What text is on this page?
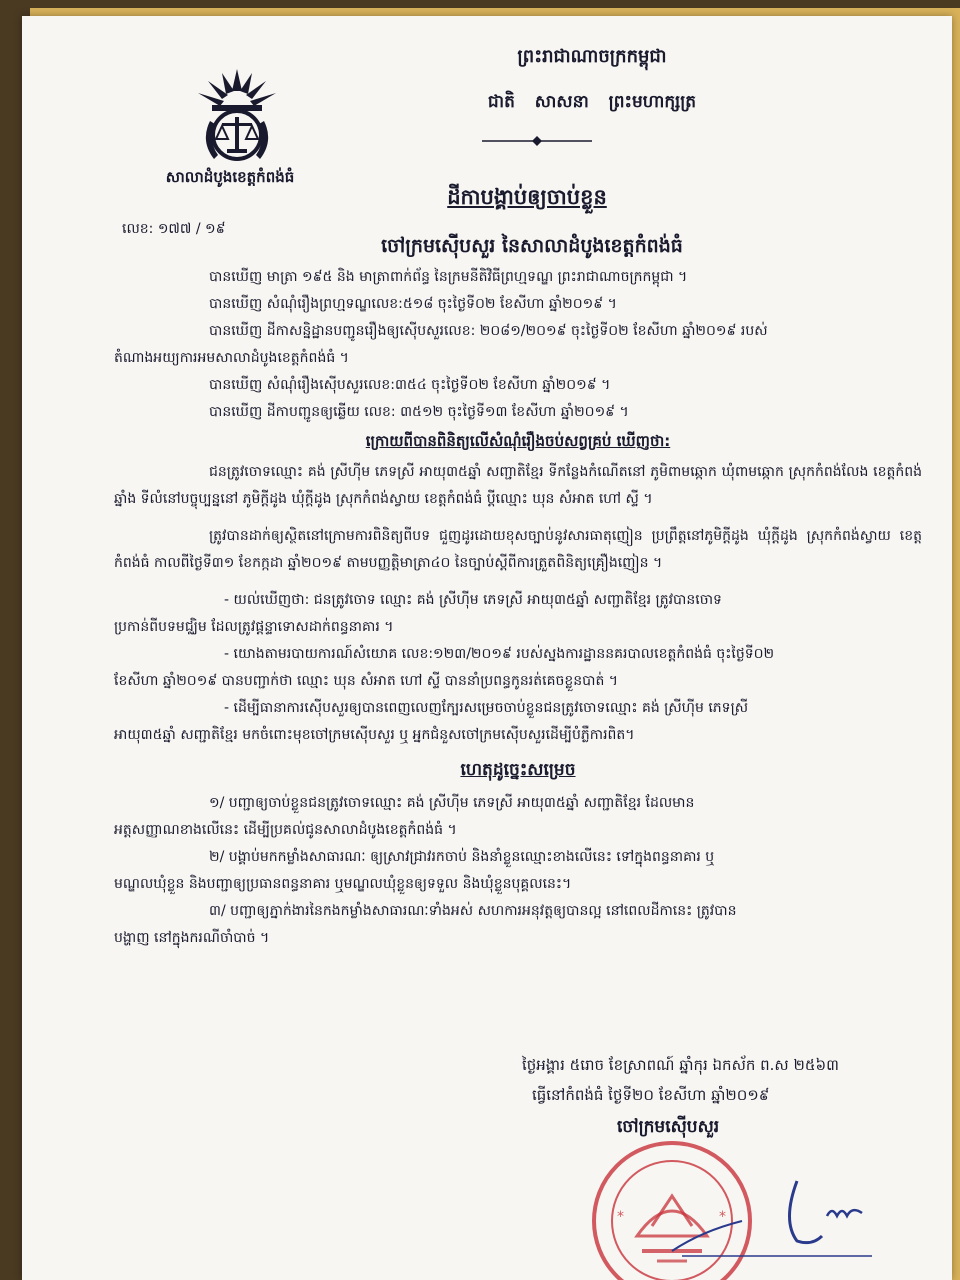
សាលាដំបូងខេត្តកំពង់ធំ
ព្រះរាជាណាចក្រកម្ពុជា
ជាតិ សាសនា ព្រះមហាក្សត្រ
ដីកាបង្គាប់ឲ្យចាប់ខ្លួន
លេខ: ១៧៧ / ១៩
ចៅក្រមស៊ើបសួរ នៃសាលាដំបូងខេត្តកំពង់ធំ

បានឃើញ មាត្រា ១៩៥ និង មាត្រាពាក់ព័ន្ធ នៃក្រមនីតិវិធីព្រហ្មទណ្ឌ ព្រះរាជាណាចក្រកម្ពុជា ។

បានឃើញ សំណុំរឿងព្រហ្មទណ្ឌលេខ:៥១៨ ចុះថ្ងៃទី០២ ខែសីហា ឆ្នាំ២០១៩ ។

បានឃើញ ដីកាសន្និដ្ឋានបញ្ជូនរឿងឲ្យស៊ើបសួរលេខ: ២០៨១/២០១៩ ចុះថ្ងៃទី០២ ខែសីហា ឆ្នាំ២០១៩ របស់

តំណាងអយ្យការអមសាលាដំបូងខេត្តកំពង់ធំ ។

បានឃើញ សំណុំរឿងស៊ើបសួរលេខ:៣៥៤ ចុះថ្ងៃទី០២ ខែសីហា ឆ្នាំ២០១៩ ។

បានឃើញ ដីកាបញ្ជូនឲ្យឆ្លើយ លេខ: ៣៥១២ ចុះថ្ងៃទី១៣ ខែសីហា ឆ្នាំ២០១៩ ។

ក្រោយពីបានពិនិត្យលើសំណុំរឿងចប់សព្វគ្រប់ ឃើញថា:

ជនត្រូវចោទឈ្មោះ គង់ ស្រីហ៊ីម ភេទស្រី អាយុ៣៥ឆ្នាំ សញ្ជាតិខ្មែរ ទីកន្លែងកំណើតនៅ ភូមិពាមឆ្កោក ឃុំពាមឆ្កោក ស្រុកកំពង់លែង ខេត្តកំពង់ឆ្នាំង ទីលំនៅបច្ចុប្បន្ននៅ ភូមិក្ដីដូង ឃុំក្ដីដូង ស្រុកកំពង់ស្វាយ ខេត្តកំពង់ធំ ប្ដីឈ្មោះ ឃុន សំអាត ហៅ ស្ទី ។

ត្រូវបានដាក់ឲ្យស្ថិតនៅក្រោមការពិនិត្យពីបទ ជួញដូរដោយខុសច្បាប់នូវសារធាតុញៀន ប្រព្រឹត្តនៅភូមិក្ដីដូង ឃុំក្ដីដូង ស្រុកកំពង់ស្វាយ ខេត្តកំពង់ធំ កាលពីថ្ងៃទី៣១ ខែកក្កដា ឆ្នាំ២០១៩ តាមបញ្ញត្តិមាត្រា៤០ នៃច្បាប់ស្ដីពីការត្រួតពិនិត្យគ្រឿងញៀន ។

- យល់ឃើញថា: ជនត្រូវចោទ ឈ្មោះ គង់ ស្រីហ៊ីម ភេទស្រី អាយុ៣៥ឆ្នាំ សញ្ជាតិខ្មែរ ត្រូវបានចោទ

ប្រកាន់ពីបទមជ្ឈិម ដែលត្រូវផ្ដន្ទាទោសដាក់ពន្ធនាគារ ។

- យោងតាមរបាយការណ៍សំយោគ លេខ:១២៣/២០១៩ របស់ស្នងការដ្ឋាននគរបាលខេត្តកំពង់ធំ ចុះថ្ងៃទី០២

ខែសីហា ឆ្នាំ២០១៩ បានបញ្ជាក់ថា ឈ្មោះ ឃុន សំអាត ហៅ ស្ទី បាននាំប្រពន្ធកូនរត់គេចខ្លួនបាត់ ។

- ដើម្បីធានាការស៊ើបសួរឲ្យបានពេញលេញក្បែរសម្រេចចាប់ខ្លួនជនត្រូវចោទឈ្មោះ គង់ ស្រីហ៊ីម ភេទស្រី

អាយុ៣៥ឆ្នាំ សញ្ជាតិខ្មែរ មកចំពោះមុខចៅក្រមស៊ើបសួរ ឬ អ្នកជំនួសចៅក្រមស៊ើបសួរដើម្បីបំភ្លឺការពិត។

ហេតុដូច្នេះសម្រេច

១/ បញ្ជាឲ្យចាប់ខ្លួនជនត្រូវចោទឈ្មោះ គង់ ស្រីហ៊ីម ភេទស្រី អាយុ៣៥ឆ្នាំ សញ្ជាតិខ្មែរ ដែលមាន

អត្តសញ្ញាណខាងលើនេះ ដើម្បីប្រគល់ជូនសាលាដំបូងខេត្តកំពង់ធំ ។

២/ បង្គាប់មកកម្លាំងសាធារណៈ ឲ្យស្រាវជ្រាវរកចាប់ និងនាំខ្លួនឈ្មោះខាងលើនេះ ទៅក្នុងពន្ធនាគារ ឬ

មណ្ឌលឃុំខ្លួន និងបញ្ជាឲ្យប្រធានពន្ធនាគារ ឬមណ្ឌលឃុំខ្លួនឲ្យទទួល និងឃុំខ្លួនបុគ្គលនេះ។

៣/ បញ្ជាឲ្យភ្នាក់ងារនៃកងកម្លាំងសាធារណៈទាំងអស់ សហការអនុវត្តឲ្យបានល្អ នៅពេលដីកានេះ ត្រូវបាន

បង្ហាញ នៅក្នុងករណីចាំបាច់ ។

ថ្ងៃអង្គារ ៥រោច ខែស្រាពណ៍ ឆ្នាំកុរ ឯកស័ក ព.ស ២៥៦៣
ធ្វើនៅកំពង់ធំ ថ្ងៃទី២០ ខែសីហា ឆ្នាំ២០១៩
*	*
ចៅក្រមស៊ើបសួរ
